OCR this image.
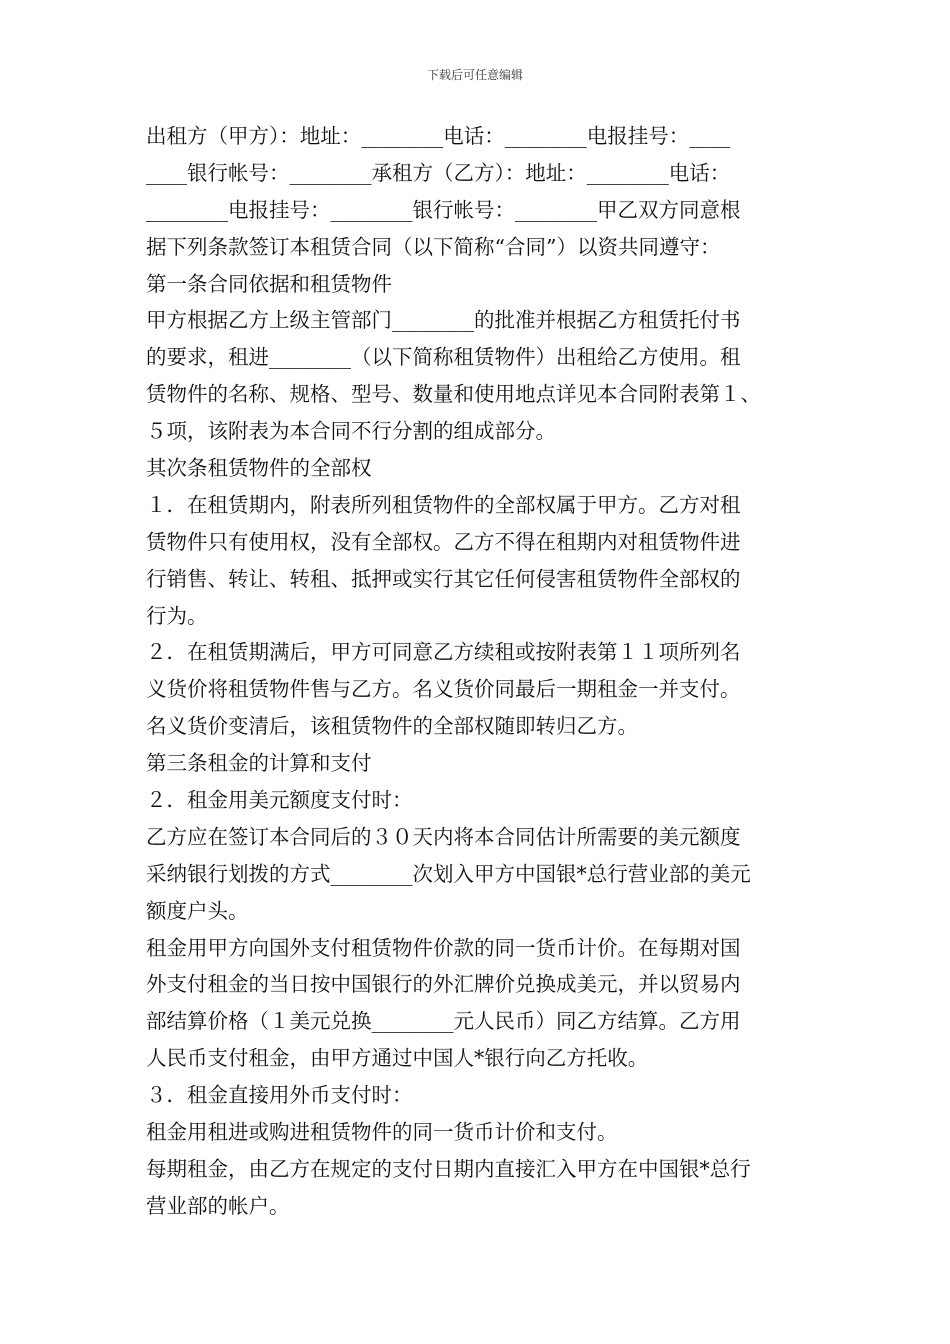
下载后可任意编辑
出租方（甲方）：地址：________电话：________电报挂号：____
____银行帐号：________承租方（乙方）：地址：________电话：
________电报挂号：________银行帐号：________甲乙双方同意根
据下列条款签订本租赁合同（以下简称“合同”）以资共同遵守：
第一条合同依据和租赁物件
甲方根据乙方上级主管部门________的批准并根据乙方租赁托付书
的要求，租进________（以下简称租赁物件）出租给乙方使用。租
赁物件的名称、规格、型号、数量和使用地点详见本合同附表第１、
５项，该附表为本合同不行分割的组成部分。
其次条租赁物件的全部权
１．在租赁期内，附表所列租赁物件的全部权属于甲方。乙方对租
赁物件只有使用权，没有全部权。乙方不得在租期内对租赁物件进
行销售、转让、转租、抵押或实行其它任何侵害租赁物件全部权的
行为。
２．在租赁期满后，甲方可同意乙方续租或按附表第１１项所列名
义货价将租赁物件售与乙方。名义货价同最后一期租金一并支付。
名义货价变清后，该租赁物件的全部权随即转归乙方。
第三条租金的计算和支付
２．租金用美元额度支付时：
乙方应在签订本合同后的３０天内将本合同估计所需要的美元额度
采纳银行划拨的方式________次划入甲方中国银*总行营业部的美元
额度户头。
租金用甲方向国外支付租赁物件价款的同一货币计价。在每期对国
外支付租金的当日按中国银行的外汇牌价兑换成美元，并以贸易内
部结算价格（１美元兑换________元人民币）同乙方结算。乙方用
人民币支付租金，由甲方通过中国人*银行向乙方托收。
３．租金直接用外币支付时：
租金用租进或购进租赁物件的同一货币计价和支付。
每期租金，由乙方在规定的支付日期内直接汇入甲方在中国银*总行
营业部的帐户。
